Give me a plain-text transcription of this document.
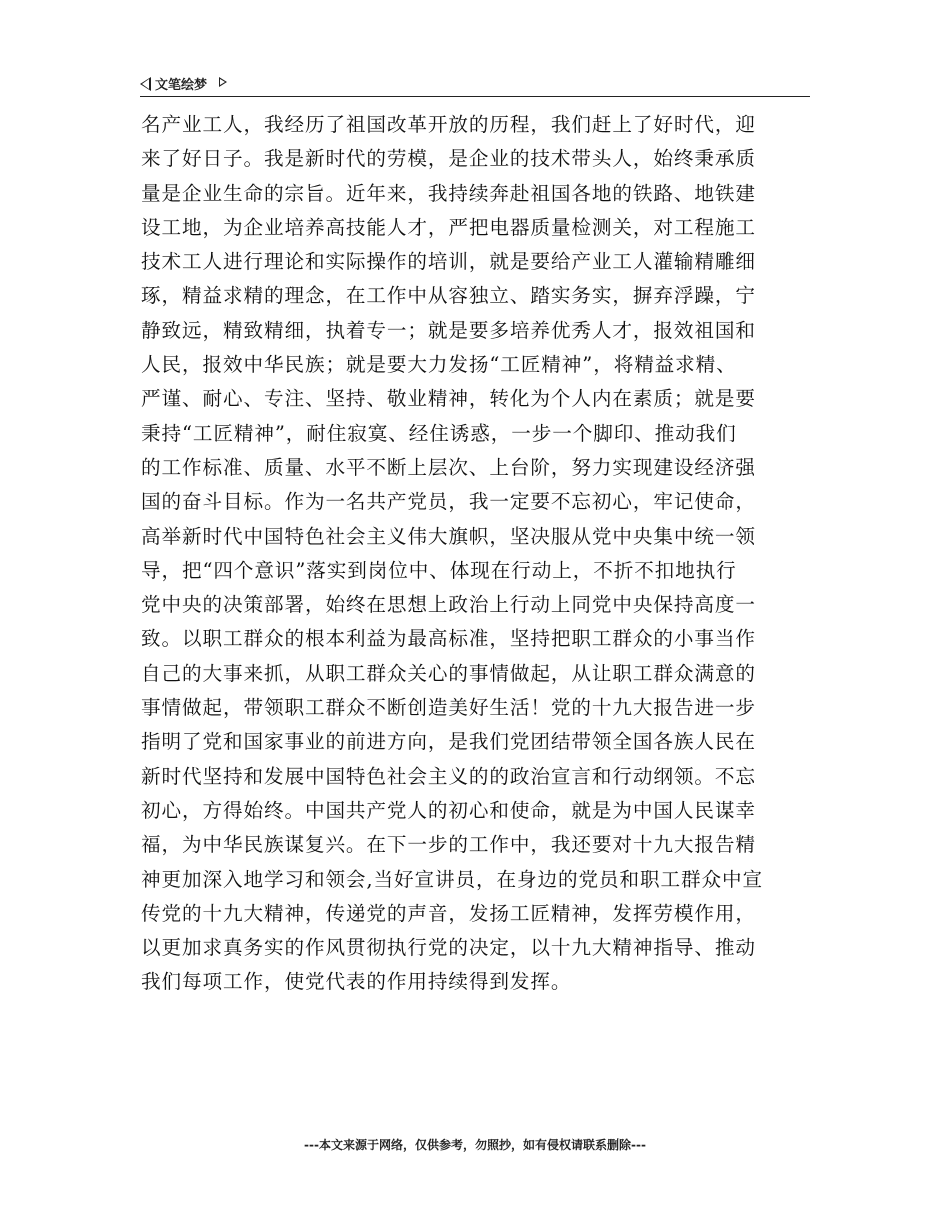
文笔绘梦
名产业工人，我经历了祖国改革开放的历程，我们赶上了好时代，迎
来了好日子。我是新时代的劳模，是企业的技术带头人，始终秉承质
量是企业生命的宗旨。近年来，我持续奔赴祖国各地的铁路、地铁建
设工地，为企业培养高技能人才，严把电器质量检测关，对工程施工
技术工人进行理论和实际操作的培训，就是要给产业工人灌输精雕细
琢，精益求精的理念，在工作中从容独立、踏实务实，摒弃浮躁，宁
静致远，精致精细，执着专一；就是要多培养优秀人才，报效祖国和
人民，报效中华民族；就是要大力发扬“工匠精神”，将精益求精、
严谨、耐心、专注、坚持、敬业精神，转化为个人内在素质；就是要
秉持“工匠精神”，耐住寂寞、经住诱惑，一步一个脚印、推动我们
的工作标准、质量、水平不断上层次、上台阶，努力实现建设经济强
国的奋斗目标。作为一名共产党员，我一定要不忘初心，牢记使命，
高举新时代中国特色社会主义伟大旗帜，坚决服从党中央集中统一领
导，把“四个意识”落实到岗位中、体现在行动上，不折不扣地执行
党中央的决策部署，始终在思想上政治上行动上同党中央保持高度一
致。以职工群众的根本利益为最高标准，坚持把职工群众的小事当作
自己的大事来抓，从职工群众关心的事情做起，从让职工群众满意的
事情做起，带领职工群众不断创造美好生活！党的十九大报告进一步
指明了党和国家事业的前进方向，是我们党团结带领全国各族人民在
新时代坚持和发展中国特色社会主义的的政治宣言和行动纲领。不忘
初心，方得始终。中国共产党人的初心和使命，就是为中国人民谋幸
福，为中华民族谋复兴。在下一步的工作中，我还要对十九大报告精
神更加深入地学习和领会,当好宣讲员，在身边的党员和职工群众中宣
传党的十九大精神，传递党的声音，发扬工匠精神，发挥劳模作用，
以更加求真务实的作风贯彻执行党的决定，以十九大精神指导、推动
我们每项工作，使党代表的作用持续得到发挥。
---本文来源于网络，仅供参考，勿照抄，如有侵权请联系删除---
